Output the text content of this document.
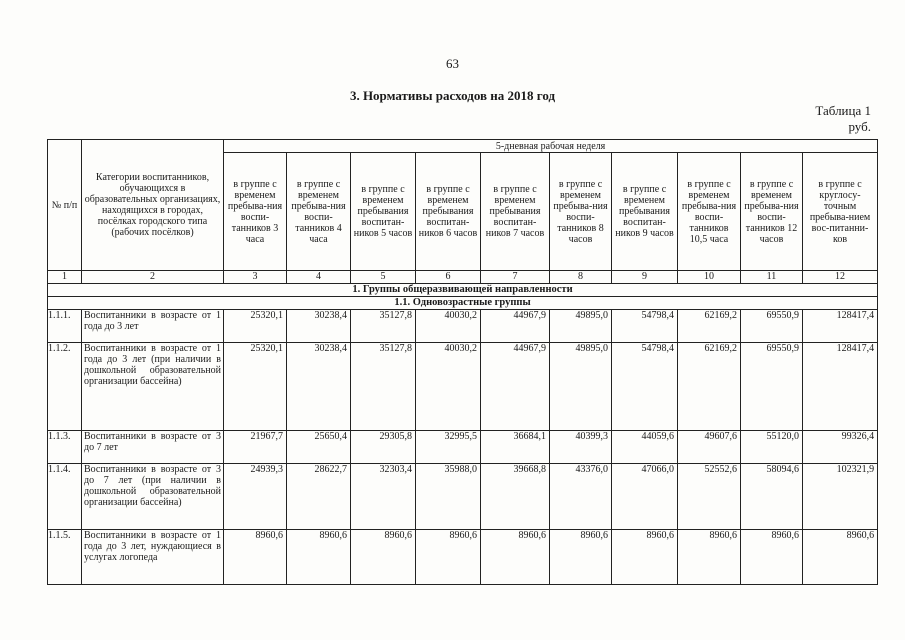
63
3. Нормативы расходов на 2018 год
Таблица 1
руб.
№ п/п	Категории воспитанников, обучающихся в образовательных организациях, находящихся в городах, посёлках городского типа (рабочих посёлков)	5-дневная рабочая неделя									
		в группе с временем пребыва-ния воспи-танников 3 часа	в группе с временем пребыва-ния воспи-танников 4 часа	в группе с временем пребывания воспитан-ников 5 часов	в группе с временем пребывания воспитан-ников 6 часов	в группе с временем пребывания воспитан-ников 7 часов	в группе с временем пребыва-ния воспи-танников 8 часов	в группе с временем пребывания воспитан-ников 9 часов	в группе с временем пребыва-ния воспи-танников 10,5 часа	в группе с временем пребыва-ния воспи-танников 12 часов	в группе с круглосу-точным пребыва-нием вос-питанни-ков
1	2	3	4	5	6	7	8	9	10	11	12
1. Группы общеразвивающей направленности											
1.1. Одновозрастные группы											
1.1.1.	Воспитанники в возрасте от 1 года до 3 лет	25320,1	30238,4	35127,8	40030,2	44967,9	49895,0	54798,4	62169,2	69550,9	128417,4
1.1.2.	Воспитанники в возрасте от 1 года до 3 лет (при наличии в дошкольной образовательной организации бассейна)	25320,1	30238,4	35127,8	40030,2	44967,9	49895,0	54798,4	62169,2	69550,9	128417,4
1.1.3.	Воспитанники в возрасте от 3 до 7 лет	21967,7	25650,4	29305,8	32995,5	36684,1	40399,3	44059,6	49607,6	55120,0	99326,4
1.1.4.	Воспитанники в возрасте от 3 до 7 лет (при наличии в дошкольной образовательной организации бассейна)	24939,3	28622,7	32303,4	35988,0	39668,8	43376,0	47066,0	52552,6	58094,6	102321,9
1.1.5.	Воспитанники в возрасте от 1 года до 3 лет, нуждающиеся в услугах логопеда	8960,6	8960,6	8960,6	8960,6	8960,6	8960,6	8960,6	8960,6	8960,6	8960,6
